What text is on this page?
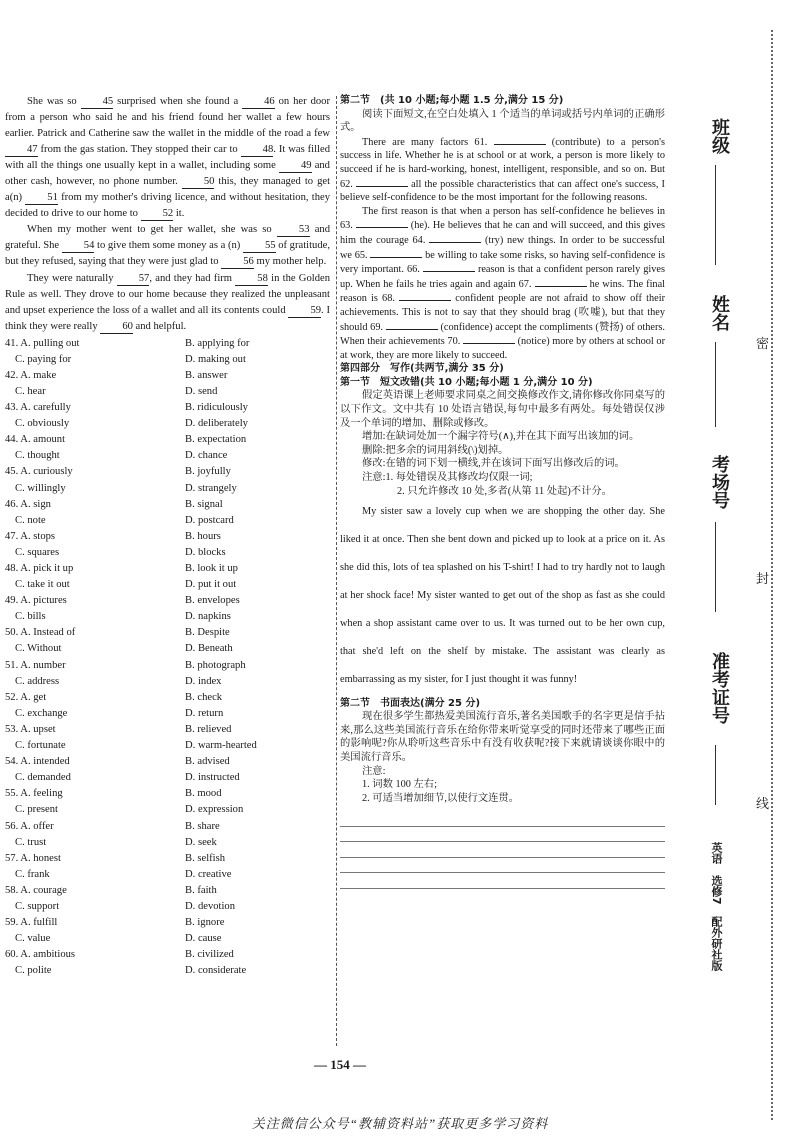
She was so 45 surprised when she found a 46 on her door from a person who said he and his friend found her wallet a few hours earlier. Patrick and Catherine saw the wallet in the middle of the road a few 47 from the gas station. They stopped their car to 48. It was filled with all the things one usually kept in a wallet, including some 49 and other cash, however, no phone number. 50 this, they managed to get a(n) 51 from my mother's driving licence, and without hesitation, they decided to drive to our home to 52 it.

When my mother went to get her wallet, she was so 53 and grateful. She 54 to give them some money as a (n) 55 of gratitude, but they refused, saying that they were just glad to 56 my mother help.

They were naturally 57, and they had firm 58 in the Golden Rule as well. They drove to our home because they realized the unpleasant and upset experience the loss of a wallet and all its contents could 59. I think they were really 60 and helpful.

41. A. pulling out	B. applying for
C. paying for	D. making out
42. A. make	B. answer
C. hear	D. send
43. A. carefully	B. ridiculously
C. obviously	D. deliberately
44. A. amount	B. expectation
C. thought	D. chance
45. A. curiously	B. joyfully
C. willingly	D. strangely
46. A. sign	B. signal
C. note	D. postcard
47. A. stops	B. hours
C. squares	D. blocks
48. A. pick it up	B. look it up
C. take it out	D. put it out
49. A. pictures	B. envelopes
C. bills	D. napkins
50. A. Instead of	B. Despite
C. Without	D. Beneath
51. A. number	B. photograph
C. address	D. index
52. A. get	B. check
C. exchange	D. return
53. A. upset	B. relieved
C. fortunate	D. warm-hearted
54. A. intended	B. advised
C. demanded	D. instructed
55. A. feeling	B. mood
C. present	D. expression
56. A. offer	B. share
C. trust	D. seek
57. A. honest	B. selfish
C. frank	D. creative
58. A. courage	B. faith
C. support	D. devotion
59. A. fulfill	B. ignore
C. value	D. cause
60. A. ambitious	B. civilized
C. polite	D. considerate

第二节　(共 10 小题;每小题 1.5 分,满分 15 分)

阅读下面短文,在空白处填入 1 个适当的单词或括号内单词的正确形式。

There are many factors 61.	(contribute) to a person's success in life. Whether he is at school or at work, a person is more likely to succeed if he is hard-working, honest, intelligent, responsible, and so on. But 62.	all the possible characteristics that can affect one's success, I believe self-confidence to be the most important for the following reasons.

The first reason is that when a person has self-confidence he believes in 63.	(he). He believes that he can and will succeed, and this gives him the courage 64.	(try) new things. In order to be successful we 65.	be willing to take some risks, so having self-confidence is very important. 66.	reason is that a confident person rarely gives up. When he fails he tries again and again 67.	he wins. The final reason is 68.	confident people are not afraid to show off their achievements. This is not to say that they should brag (吹嘘), but that they should 69.	(confidence) accept the compliments (赞扬) of others. When their achievements 70.	(notice) more by others at school or at work, they are more likely to succeed.

第四部分　写作(共两节,满分 35 分)

第一节　短文改错(共 10 小题;每小题 1 分,满分 10 分)

假定英语课上老师要求同桌之间交换修改作文,请你修改你同桌写的以下作文。文中共有 10 处语言错误,每句中最多有两处。每处错误仅涉及一个单词的增加、删除或修改。

增加:在缺词处加一个漏字符号(∧),并在其下面写出该加的词。

删除:把多余的词用斜线(\)划掉。

修改:在错的词下划一横线,并在该词下面写出修改后的词。

注意:1. 每处错误及其修改均仅限一词;

2. 只允许修改 10 处,多者(从第 11 处起)不计分。

My sister saw a lovely cup when we are shopping the other day. She liked it at once. Then she bent down and picked up to look at a price on it. As she did this, lots of tea splashed on his T-shirt! I had to try hardly not to laugh at her shock face! My sister wanted to get out of the shop as fast as she could when a shop assistant came over to us. It was turned out to be her own cup, that she'd left on the shelf by mistake. The assistant was clearly as embarrassing as my sister, for I just thought it was funny!

第二节　书面表达(满分 25 分)

现在很多学生都热爱美国流行音乐,著名美国歌手的名字更是信手拈来,那么这些美国流行音乐在给你带来听觉享受的同时还带来了哪些正面的影响呢?你从聆听这些音乐中有没有收获呢?接下来就请谈谈你眼中的美国流行音乐。

注意:

1. 词数 100 左右;

2. 可适当增加细节,以使行文连贯。

— 154 —
关注微信公众号“教辅资料站”获取更多学习资料
班级
姓名
密
考场号
封
准考证号
线
英语　选修7　配外研社版
